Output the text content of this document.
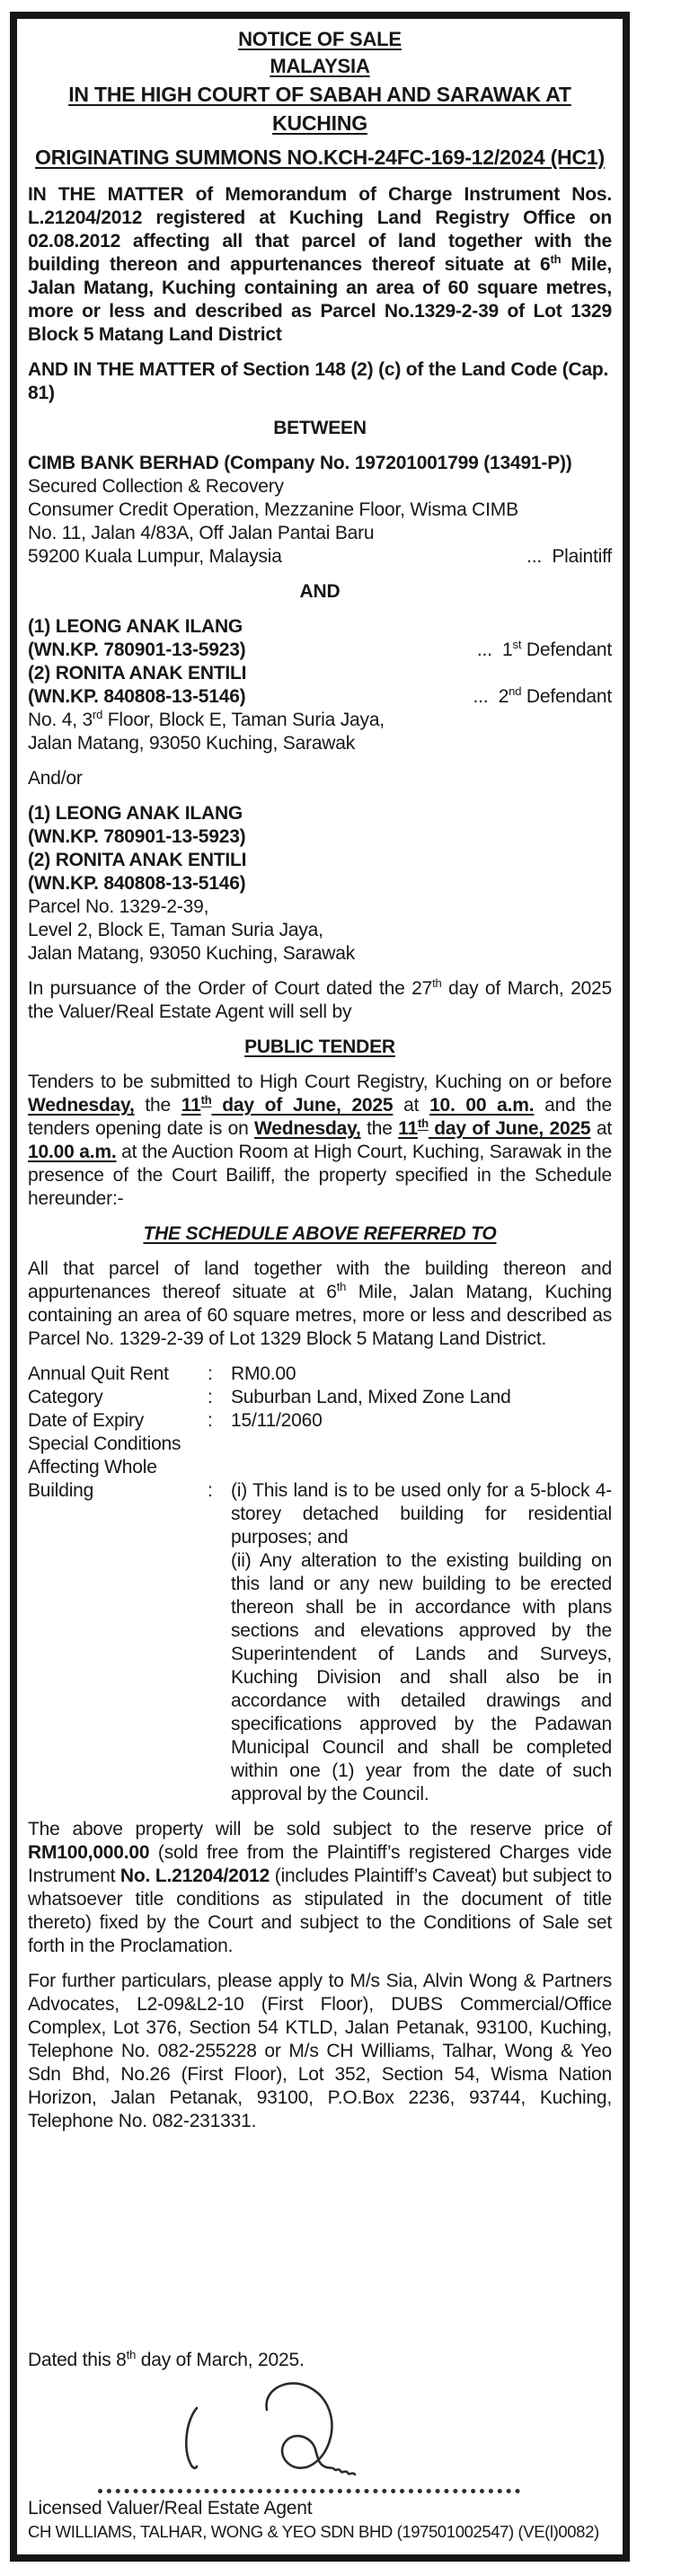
NOTICE OF SALE
MALAYSIA
IN THE HIGH COURT OF SABAH AND SARAWAK AT KUCHING
ORIGINATING SUMMONS NO.KCH-24FC-169-12/2024 (HC1)
IN THE MATTER of Memorandum of Charge Instrument Nos. L.21204/2012 registered at Kuching Land Registry Office on 02.08.2012 affecting all that parcel of land together with the building thereon and appurtenances thereof situate at 6th Mile, Jalan Matang, Kuching containing an area of 60 square metres, more or less and described as Parcel No.1329-2-39 of Lot 1329 Block 5 Matang Land District
AND IN THE MATTER of Section 148 (2) (c) of the Land Code (Cap. 81)
BETWEEN
CIMB BANK BERHAD (Company No. 197201001799 (13491-P))
Secured Collection & Recovery
Consumer Credit Operation, Mezzanine Floor, Wisma CIMB
No. 11, Jalan 4/83A, Off Jalan Pantai Baru
59200 Kuala Lumpur, Malaysia	...  Plaintiff
AND
(1) LEONG ANAK ILANG
(WN.KP. 780901-13-5923)	...  1st Defendant
(2) RONITA ANAK ENTILI
(WN.KP. 840808-13-5146)	...  2nd Defendant
No. 4, 3rd Floor, Block E, Taman Suria Jaya,
Jalan Matang, 93050 Kuching, Sarawak
And/or
(1) LEONG ANAK ILANG
(WN.KP. 780901-13-5923)
(2) RONITA ANAK ENTILI
(WN.KP. 840808-13-5146)
Parcel No. 1329-2-39,
Level 2, Block E, Taman Suria Jaya,
Jalan Matang, 93050 Kuching, Sarawak
In pursuance of the Order of Court dated the 27th day of March, 2025 the Valuer/Real Estate Agent will sell by
PUBLIC TENDER
Tenders to be submitted to High Court Registry, Kuching on or before Wednesday, the 11th day of June, 2025 at 10. 00 a.m. and the tenders opening date is on Wednesday, the 11th day of June, 2025 at 10.00 a.m. at the Auction Room at High Court, Kuching, Sarawak in the presence of the Court Bailiff, the property specified in the Schedule hereunder:-
THE SCHEDULE ABOVE REFERRED TO
All that parcel of land together with the building thereon and appurtenances thereof situate at 6th Mile, Jalan Matang, Kuching containing an area of 60 square metres, more or less and described as Parcel No. 1329-2-39 of Lot 1329 Block 5 Matang Land District.
Annual Quit Rent	: RM0.00
Category	: Suburban Land, Mixed Zone Land
Date of Expiry	: 15/11/2060
Special Conditions
Affecting Whole
Building	: (i) This land is to be used only for a 5-block 4-storey detached building for residential purposes; and
(ii) Any alteration to the existing building on this land or any new building to be erected thereon shall be in accordance with plans sections and elevations approved by the Superintendent of Lands and Surveys, Kuching Division and shall also be in accordance with detailed drawings and specifications approved by the Padawan Municipal Council and shall be completed within one (1) year from the date of such approval by the Council.
The above property will be sold subject to the reserve price of RM100,000.00 (sold free from the Plaintiff’s registered Charges vide Instrument No. L.21204/2012 (includes Plaintiff’s Caveat) but subject to whatsoever title conditions as stipulated in the document of title thereto) fixed by the Court and subject to the Conditions of Sale set forth in the Proclamation.
For further particulars, please apply to M/s Sia, Alvin Wong & Partners Advocates, L2-09&L2-10 (First Floor), DUBS Commercial/Office Complex, Lot 376, Section 54 KTLD, Jalan Petanak, 93100, Kuching, Telephone No. 082-255228 or M/s CH Williams, Talhar, Wong & Yeo Sdn Bhd, No.26 (First Floor), Lot 352, Section 54, Wisma Nation Horizon, Jalan Petanak, 93100, P.O.Box 2236, 93744, Kuching, Telephone No. 082-231331.
Dated this 8th day of March, 2025.
Licensed Valuer/Real Estate Agent
CH WILLIAMS, TALHAR, WONG & YEO SDN BHD (197501002547) (VE(l)0082)
